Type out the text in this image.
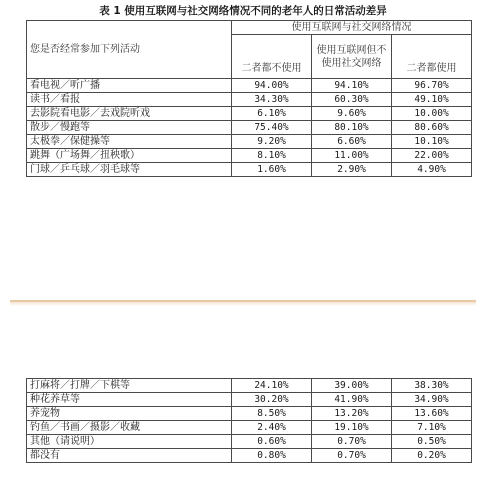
表 1 使用互联网与社交网络情况不同的老年人的日常活动差异
您是否经常参加下列活动	使用互联网与社交网络情况		
	二者都不使用	使用互联网但不使用社交网络	二者都使用
看电视／听广播	94.00%	94.10%	96.70%
读书／看报	34.30%	60.30%	49.10%
去影院看电影／去戏院听戏	6.10%	9.60%	10.00%
散步／慢跑等	75.40%	80.10%	80.60%
太极拳／保健操等	9.20%	6.60%	10.10%
跳舞（广场舞／扭秧歌）	8.10%	11.00%	22.00%
门球／乒乓球／羽毛球等	1.60%	2.90%	4.90%
打麻将／打牌／下棋等	24.10%	39.00%	38.30%
种花养草等	30.20%	41.90%	34.90%
养宠物	8.50%	13.20%	13.60%
钓鱼／书画／摄影／收藏	2.40%	19.10%	7.10%
其他（请说明）	0.60%	0.70%	0.50%
都没有	0.80%	0.70%	0.20%
